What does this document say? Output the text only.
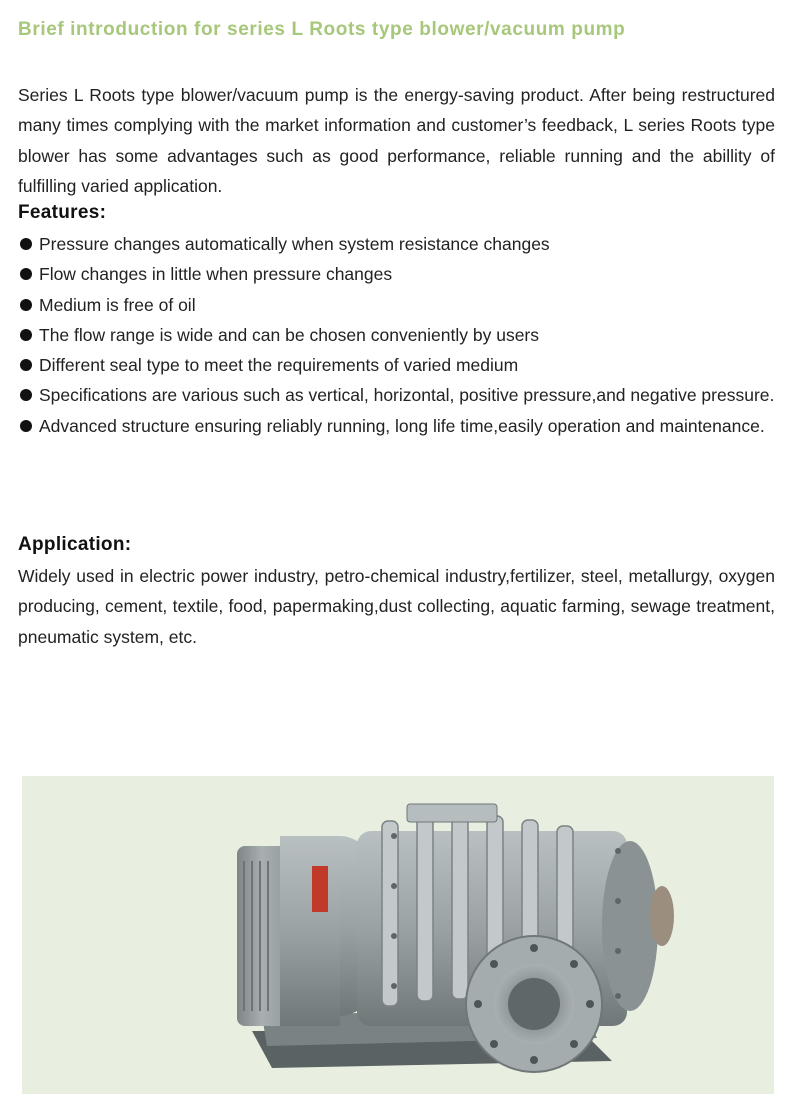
Brief introduction for series L Roots type blower/vacuum pump

Series L Roots type blower/vacuum pump is the energy-saving product. After being restructured many times complying with the market information and customer’s feedback, L series Roots type blower has some advantages such as good performance, reliable running and the abillity of fulfilling varied application.

Features:
Pressure changes automatically when system resistance changes
Flow changes in little when pressure changes
Medium is free of oil
The flow range is wide and can be chosen conveniently by users
Different seal type to meet the requirements of varied medium
Specifications are various such as vertical, horizontal, positive pressure,and negative pressure.
Advanced structure ensuring reliably running, long life time,easily operation and maintenance.
Application:

Widely used in electric power industry, petro-chemical industry,fertilizer, steel, metallurgy, oxygen producing, cement, textile, food, papermaking,dust collecting, aquatic farming, sewage treatment, pneumatic system, etc.
